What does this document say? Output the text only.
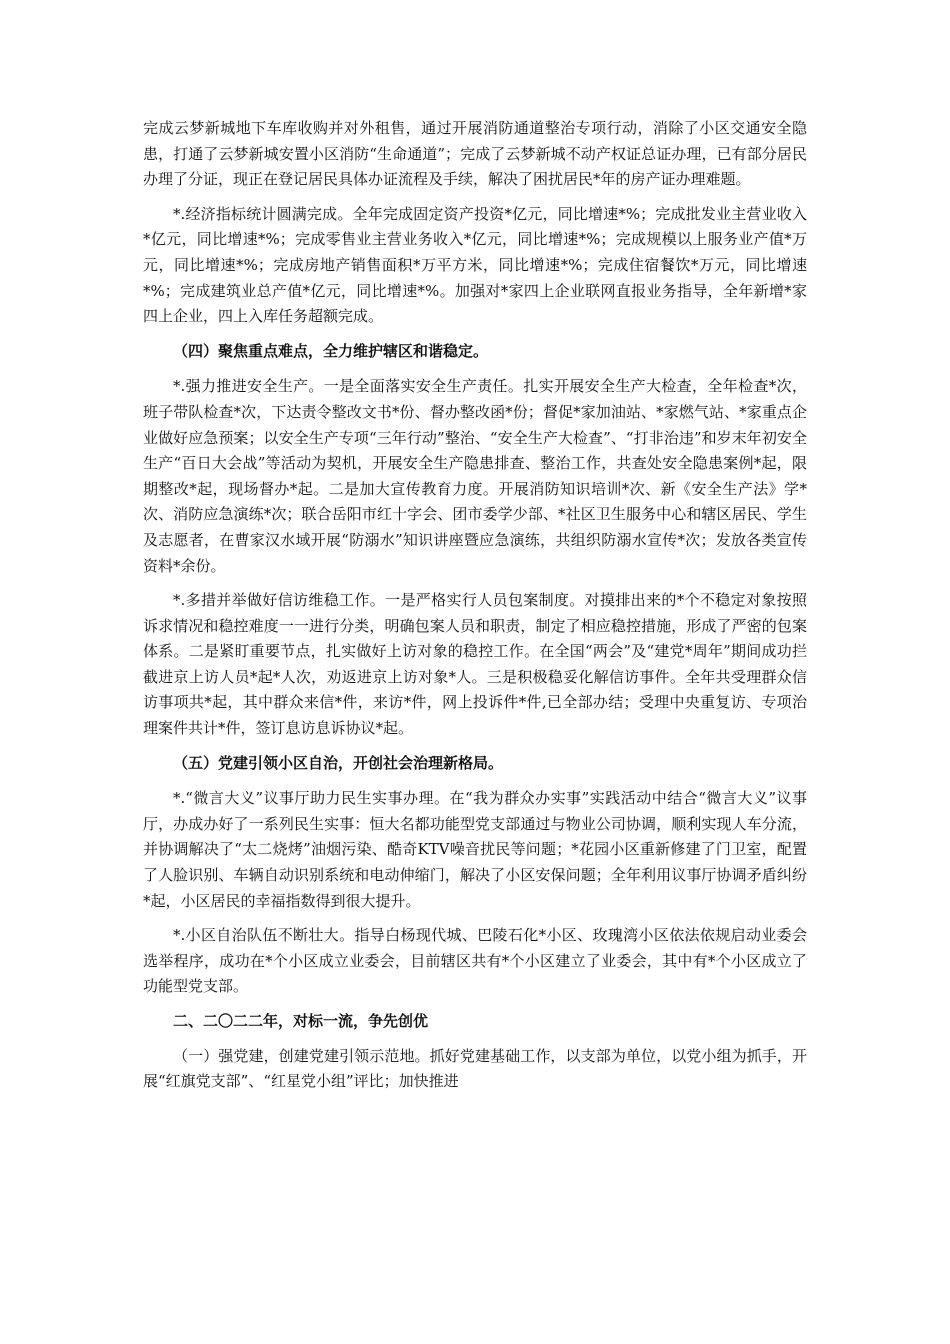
完成云梦新城地下车库收购并对外租售，通过开展消防通道整治专项行动，消除了小区交通安全隐患，打通了云梦新城安置小区消防“生命通道”；完成了云梦新城不动产权证总证办理，已有部分居民办理了分证，现正在登记居民具体办证流程及手续，解决了困扰居民*年的房产证办理难题。

*.经济指标统计圆满完成。全年完成固定资产投资*亿元，同比增速*%；完成批发业主营业收入*亿元，同比增速*%；完成零售业主营业务收入*亿元，同比增速*%；完成规模以上服务业产值*万元，同比增速*%；完成房地产销售面积*万平方米，同比增速*%；完成住宿餐饮*万元，同比增速*%；完成建筑业总产值*亿元，同比增速*%。加强对*家四上企业联网直报业务指导，全年新增*家四上企业，四上入库任务超额完成。

（四）聚焦重点难点，全力维护辖区和谐稳定。

*.强力推进安全生产。一是全面落实安全生产责任。扎实开展安全生产大检查，全年检查*次，班子带队检查*次，下达责令整改文书*份、督办整改函*份；督促*家加油站、*家燃气站、*家重点企业做好应急预案；以安全生产专项“三年行动”整治、“安全生产大检查”、“打非治违”和岁末年初安全生产“百日大会战”等活动为契机，开展安全生产隐患排查、整治工作，共查处安全隐患案例*起，限期整改*起，现场督办*起。二是加大宣传教育力度。开展消防知识培训*次、新《安全生产法》学*次、消防应急演练*次；联合岳阳市红十字会、团市委学少部、*社区卫生服务中心和辖区居民、学生及志愿者，在曹家汉水域开展“防溺水”知识讲座暨应急演练，共组织防溺水宣传*次；发放各类宣传资料*余份。

*.多措并举做好信访维稳工作。一是严格实行人员包案制度。对摸排出来的*个不稳定对象按照诉求情况和稳控难度一一进行分类，明确包案人员和职责，制定了相应稳控措施，形成了严密的包案体系。二是紧盯重要节点，扎实做好上访对象的稳控工作。在全国“两会”及“建党*周年”期间成功拦截进京上访人员*起*人次，劝返进京上访对象*人。三是积极稳妥化解信访事件。全年共受理群众信访事项共*起，其中群众来信*件，来访*件，网上投诉件*件,已全部办结；受理中央重复访、专项治理案件共计*件，签订息访息诉协议*起。

（五）党建引领小区自治，开创社会治理新格局。

*.“微言大义”议事厅助力民生实事办理。在“我为群众办实事”实践活动中结合“微言大义”议事厅，办成办好了一系列民生实事：恒大名都功能型党支部通过与物业公司协调，顺利实现人车分流，并协调解决了“太二烧烤”油烟污染、酷奇KTV噪音扰民等问题；*花园小区重新修建了门卫室，配置了人脸识别、车辆自动识别系统和电动伸缩门，解决了小区安保问题；全年利用议事厅协调矛盾纠纷*起，小区居民的幸福指数得到很大提升。

*.小区自治队伍不断壮大。指导白杨现代城、巴陵石化*小区、玫瑰湾小区依法依规启动业委会选举程序，成功在*个小区成立业委会，目前辖区共有*个小区建立了业委会，其中有*个小区成立了功能型党支部。

二、二〇二二年，对标一流，争先创优

（一）强党建，创建党建引领示范地。抓好党建基础工作，以支部为单位，以党小组为抓手，开展“红旗党支部”、“红星党小组”评比；加快推进
